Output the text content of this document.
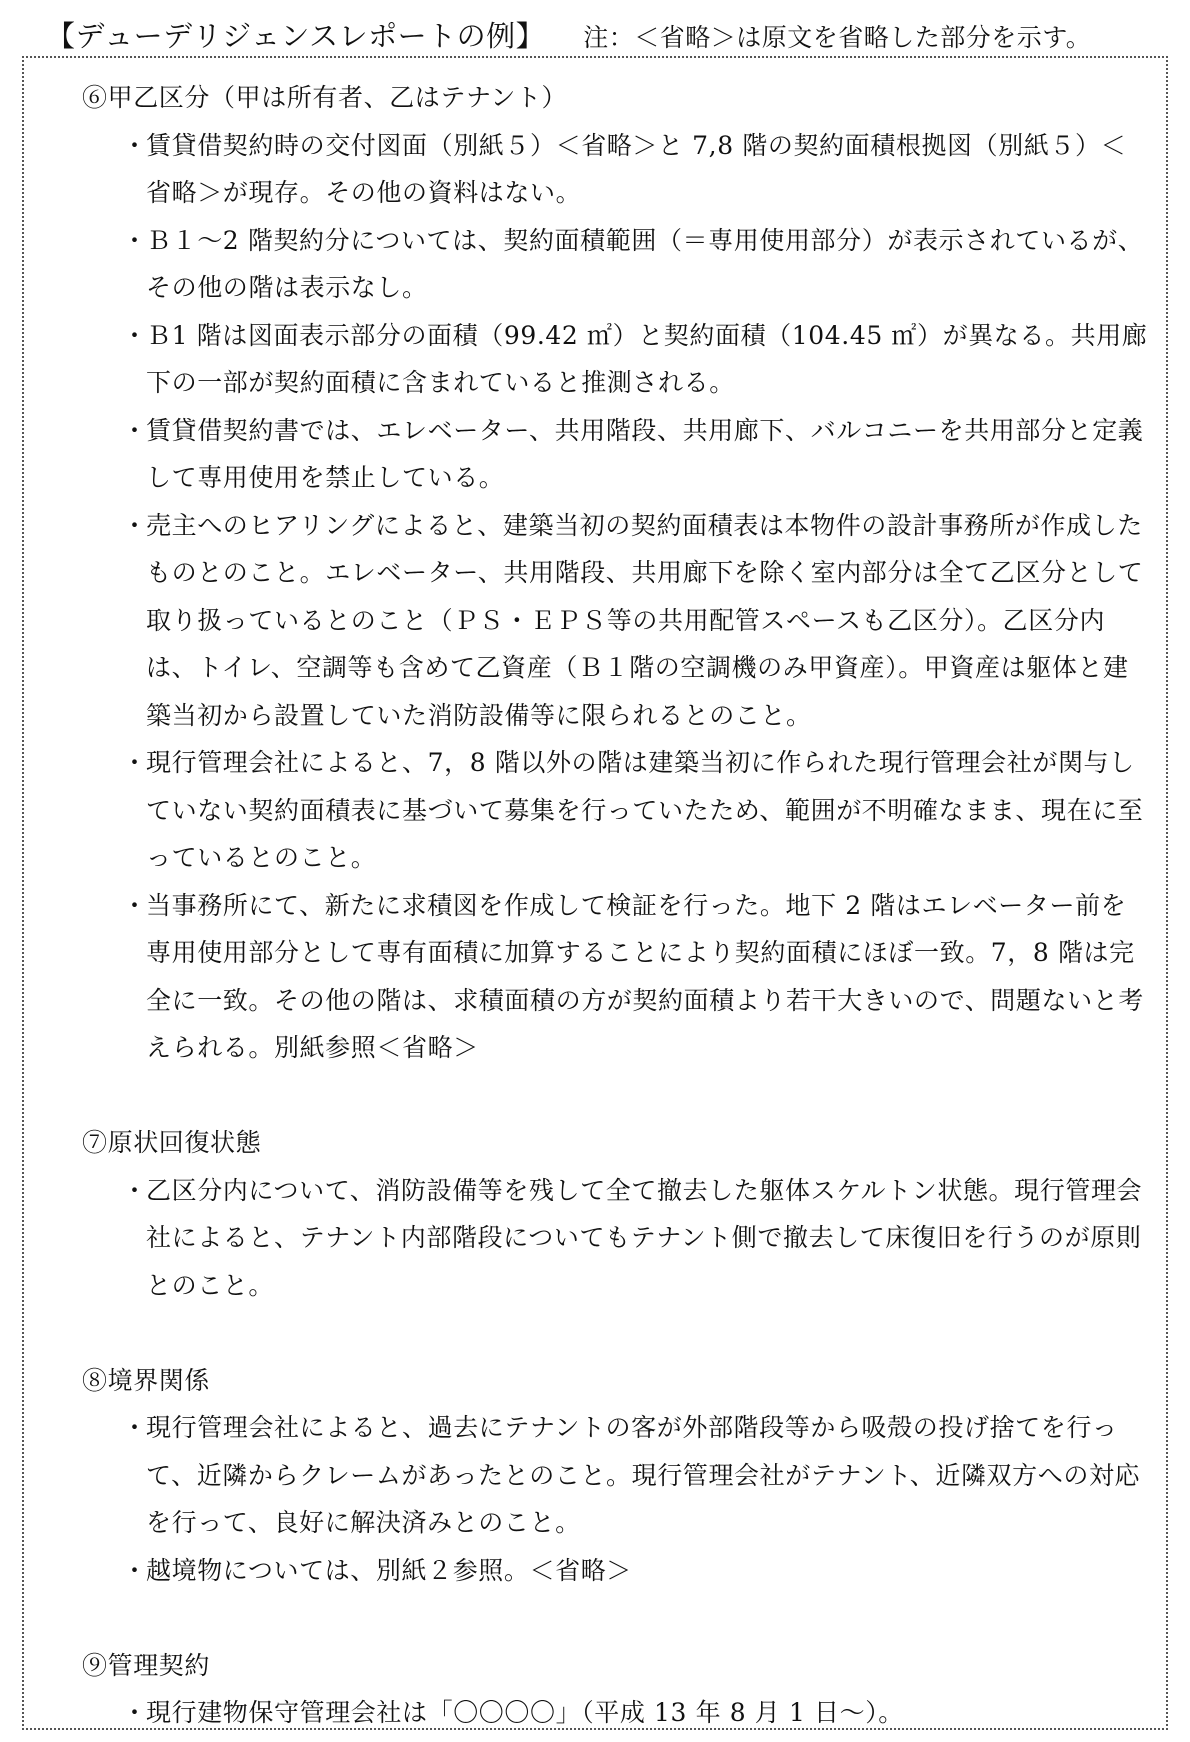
【デューデリジェンスレポートの例】 注：＜省略＞は原文を省略した部分を示す。
⑥甲乙区分（甲は所有者、乙はテナント）
・
賃貸借契約時の交付図面（別紙５）＜省略＞と 7,8 階の契約面積根拠図（別紙５）＜省略＞が現存。その他の資料はない。
・
Ｂ１～2 階契約分については、契約面積範囲（＝専用使用部分）が表示されているが、その他の階は表示なし。
・
Ｂ1 階は図面表示部分の面積（99.42 ㎡）と契約面積（104.45 ㎡）が異なる。共用廊下の一部が契約面積に含まれていると推測される。
・
賃貸借契約書では、エレベーター、共用階段、共用廊下、バルコニーを共用部分と定義して専用使用を禁止している。
・
売主へのヒアリングによると、建築当初の契約面積表は本物件の設計事務所が作成したものとのこと。エレベーター、共用階段、共用廊下を除く室内部分は全て乙区分として取り扱っているとのこと（ＰＳ・ＥＰＳ等の共用配管スペースも乙区分）。乙区分内は、トイレ、空調等も含めて乙資産（Ｂ１階の空調機のみ甲資産）。甲資産は躯体と建築当初から設置していた消防設備等に限られるとのこと。
・
現行管理会社によると、7，8 階以外の階は建築当初に作られた現行管理会社が関与していない契約面積表に基づいて募集を行っていたため、範囲が不明確なまま、現在に至っているとのこと。
・
当事務所にて、新たに求積図を作成して検証を行った。地下 2 階はエレベーター前を専用使用部分として専有面積に加算することにより契約面積にほぼ一致。7，8 階は完全に一致。その他の階は、求積面積の方が契約面積より若干大きいので、問題ないと考えられる。別紙参照＜省略＞
⑦原状回復状態
・
乙区分内について、消防設備等を残して全て撤去した躯体スケルトン状態。現行管理会社によると、テナント内部階段についてもテナント側で撤去して床復旧を行うのが原則とのこと。
⑧境界関係
・
現行管理会社によると、過去にテナントの客が外部階段等から吸殻の投げ捨てを行って、近隣からクレームがあったとのこと。現行管理会社がテナント、近隣双方への対応を行って、良好に解決済みとのこと。
・
越境物については、別紙２参照。＜省略＞
⑨管理契約
・
現行建物保守管理会社は「〇〇〇〇」（平成 13 年 8 月 1 日～）。
